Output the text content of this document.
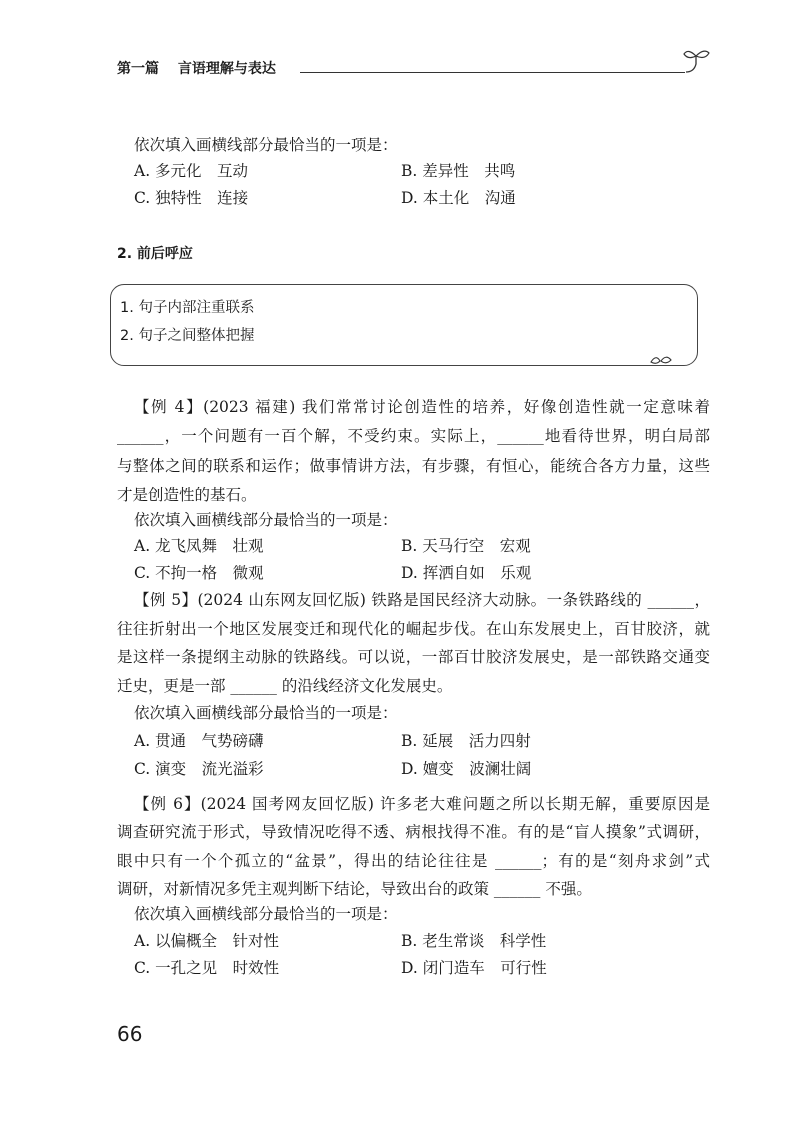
第一篇　 言语理解与表达
依次填入画横线部分最恰当的一项是：
A. 多元化　互动	B. 差异性　共鸣
C. 独特性　连接	D. 本土化　沟通
2. 前后呼应
1. 句子内部注重联系
2. 句子之间整体把握
【例 4】(2023 福建) 我们常常讨论创造性的培养，好像创造性就一定意味着
______，一个问题有一百个解，不受约束。实际上，______地看待世界，明白局部
与整体之间的联系和运作；做事情讲方法，有步骤，有恒心，能统合各方力量，这些
才是创造性的基石。
依次填入画横线部分最恰当的一项是：
A. 龙飞凤舞　壮观	B. 天马行空　宏观
C. 不拘一格　微观	D. 挥洒自如　乐观
【例 5】(2024 山东网友回忆版) 铁路是国民经济大动脉。一条铁路线的 ______，
往往折射出一个地区发展变迁和现代化的崛起步伐。在山东发展史上，百甘胶济，就
是这样一条提纲主动脉的铁路线。可以说，一部百廿胶济发展史，是一部铁路交通变
迁史，更是一部 ______ 的沿线经济文化发展史。
依次填入画横线部分最恰当的一项是：
A. 贯通　气势磅礴	B. 延展　活力四射
C. 演变　流光溢彩	D. 嬗变　波澜壮阔
【例 6】(2024 国考网友回忆版) 许多老大难问题之所以长期无解，重要原因是
调查研究流于形式，导致情况吃得不透、病根找得不准。有的是“盲人摸象”式调研，
眼中只有一个个孤立的“盆景”，得出的结论往往是 ______；有的是“刻舟求剑”式
调研，对新情况多凭主观判断下结论，导致出台的政策 ______ 不强。
依次填入画横线部分最恰当的一项是：
A. 以偏概全　针对性	B. 老生常谈　科学性
C. 一孔之见　时效性	D. 闭门造车　可行性
66
